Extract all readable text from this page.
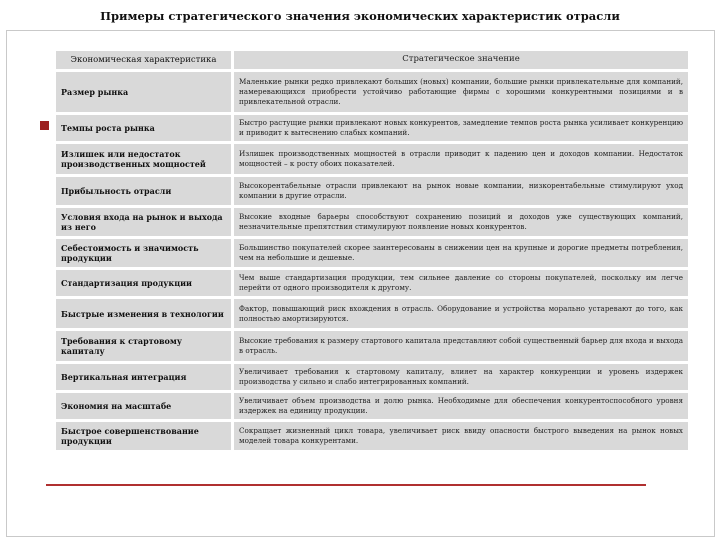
Примеры стратегического значения экономических характеристик отрасли
Экономическая характеристика	Стратегическое значение
Размер рынка	Маленькие рынки редко привлекают больших (новых) компании, большие рынки привлекательные для компаний, намеревающихся приобрести устойчиво работающие фирмы с хорошими конкурентными позициями и в привлекательной отрасли.
Темпы роста рынка	Быстро растущие рынки привлекают новых конкурентов, замедление темпов роста рынка усиливает конкуренцию и приводит к вытеснению слабых компаний.
Излишек или недостаток производственных мощностей	Излишек производственных мощностей в отрасли приводит к падению цен и доходов компании. Недостаток мощностей – к росту обоих показателей.
Прибыльность отрасли	Высокорентабельные отрасли привлекают на рынок новые компании, низкорентабельные стимулируют уход компании в другие отрасли.
Условия входа на рынок и выхода из него	Высокие входные барьеры способствуют сохранению позиций и доходов уже существующих компаний, незначительные препятствия стимулируют появление новых конкурентов.
Себестоимость и значимость продукции	Большинство покупателей скорее заинтересованы в снижении цен на крупные и дорогие предметы потребления, чем на небольшие и дешевые.
Стандартизация продукции	Чем выше стандартизация продукции, тем сильнее давление со стороны покупателей, поскольку им легче перейти от одного производителя к другому.
Быстрые изменения в технологии	Фактор, повышающий риск вхождения в отрасль. Оборудование и устройства морально устаревают до того, как полностью амортизируются.
Требования к стартовому капиталу	Высокие требования к размеру стартового капитала представляют собой существенный барьер для входа и выхода в отрасль.
Вертикальная интеграция	Увеличивает требования к стартовому капиталу, влияет на характер конкуренции и уровень издержек производства у сильно и слабо интегрированных компаний.
Экономия на масштабе	Увеличивает объем производства и долю рынка. Необходимые для обеспечения конкурентоспособного уровня издержек на единицу продукции.
Быстрое совершенствование продукции	Сокращает жизненный цикл товара, увеличивает риск ввиду опасности быстрого выведения на рынок новых моделей товара конкурентами.
